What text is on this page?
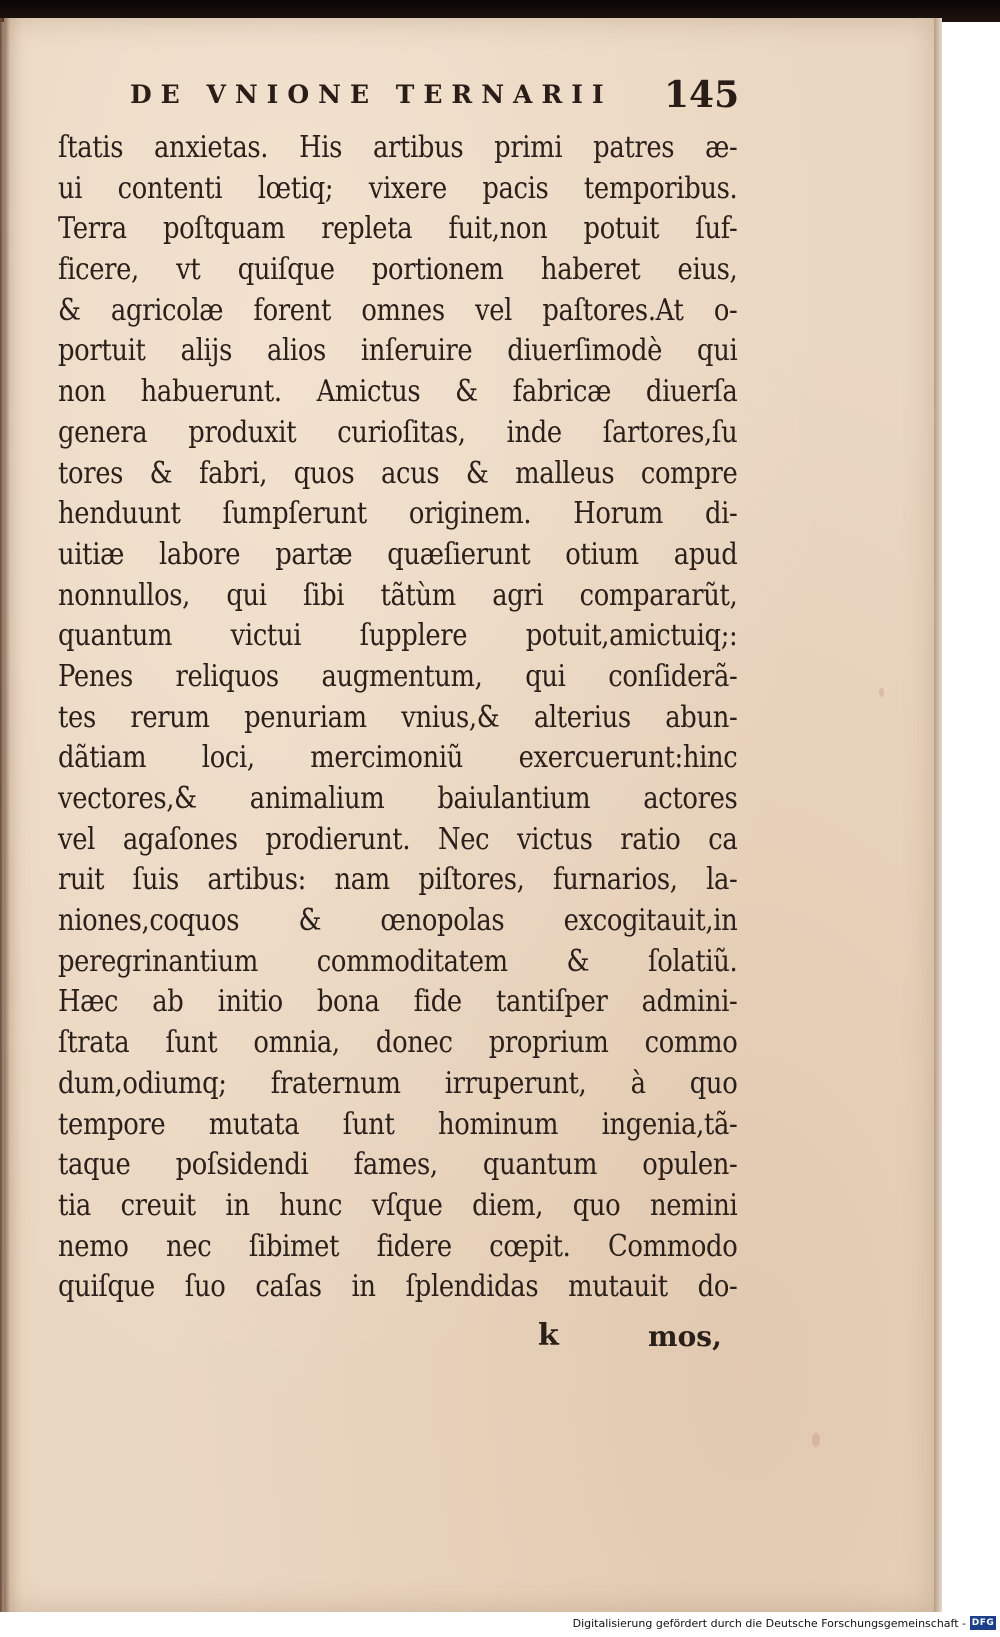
DE VNIONE TERNARII	145
ſtatis anxietas. His artibus primi patres æ-
ui contenti lœtiq; vixere pacis temporibus.
Terra poſtquam repleta fuit,non potuit ſuf-
ficere, vt quiſque portionem haberet eius,
& agricolæ forent omnes vel paſtores.At o-
portuit aliјs alios inſeruire diuerſimodè qui
non habuerunt. Amictus & fabricæ diuerſa
genera produxit curioſitas, inde ſartores,ſu
tores & fabri, quos acus & malleus compre
henduunt ſumpſerunt originem. Horum di-
uitiæ labore partæ quæſierunt otium apud
nonnullos, qui ſibi tãtùm agri compararũt,
quantum victui ſupplere potuit,amictuiq;:
Penes reliquos augmentum, qui conſiderã-
tes rerum penuriam vnius,& alterius abun-
dãtiam loci, mercimoniũ exercuerunt:hinc
vectores,& animalium baiulantium actores
vel agaſones prodierunt. Nec victus ratio ca
ruit ſuis artibus: nam piſtores, furnarios, la-
niones,coquos & œnopolas excogitauit,in
peregrinantium commoditatem & ſolatiũ.
Hæc ab initio bona fide tantiſper admini-
ſtrata ſunt omnia, donec proprium commo
dum,odiumq; fraternum irruperunt, à quo
tempore mutata ſunt hominum ingenia,tã-
taque poſsidendi fames, quantum opulen-
tia creuit in hunc vſque diem, quo nemini
nemo nec ſibimet fidere cœpit. Commodo
quiſque ſuo caſas in ſplendidas mutauit do-
k	mos,
Digitalisierung gefördert durch die Deutsche Forschungsgemeinschaft - DFG
